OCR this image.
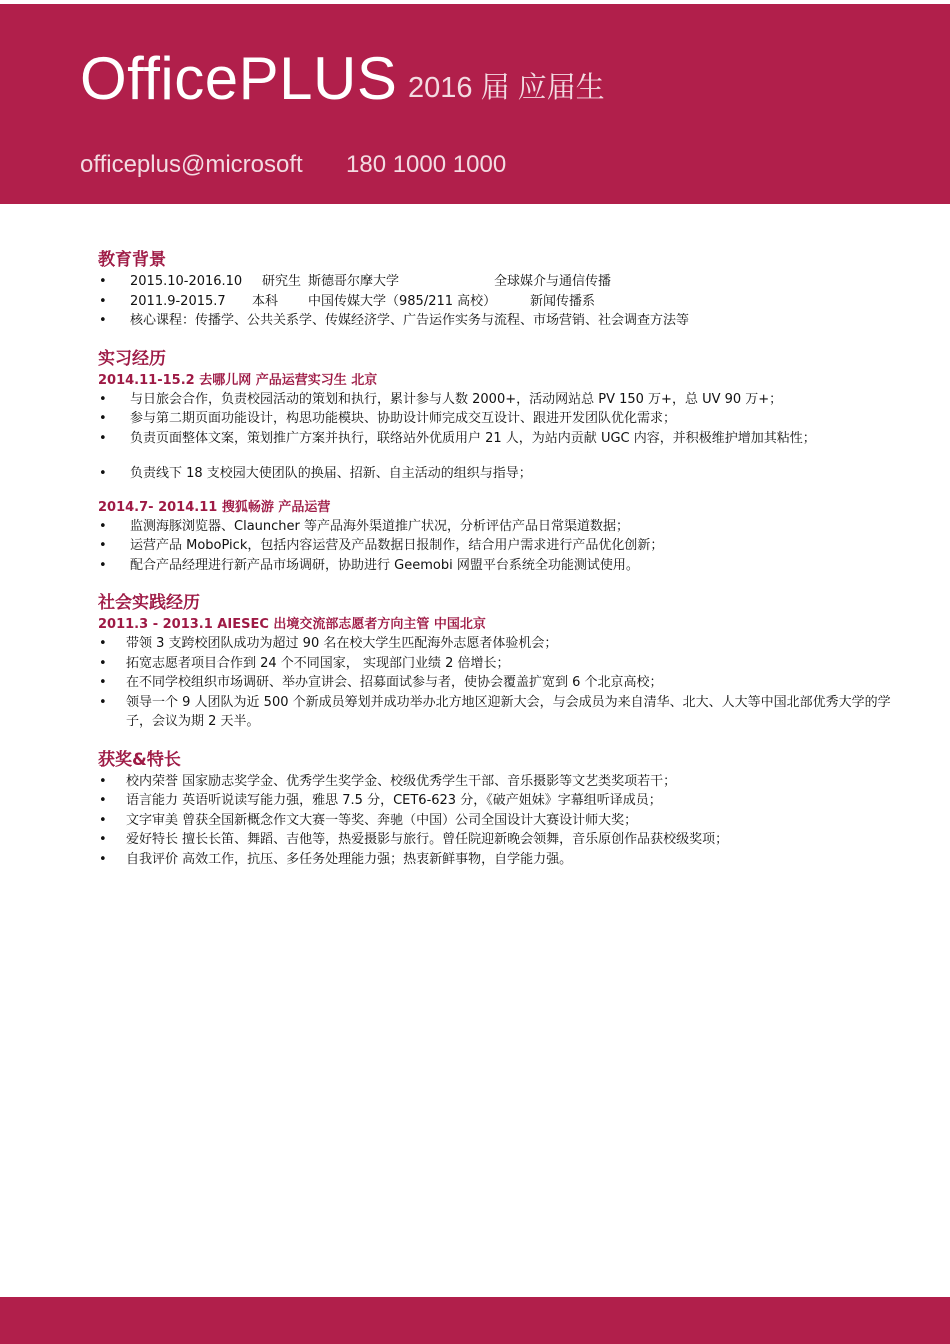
OfficePLUS 2016 届 应届生
officeplus@microsoft 180 1000 1000
教育背景
• 2015.10-2016.10 研究生 斯德哥尔摩大学	全球媒介与通信传播
• 2011.9-2015.7 本科 中国传媒大学（985/211 高校）	新闻传播系
• 核心课程：传播学、公共关系学、传媒经济学、广告运作实务与流程、市场营销、社会调查方法等
实习经历
2014.11-15.2 去哪儿网 产品运营实习生 北京
• 与日旅会合作，负责校园活动的策划和执行，累计参与人数 2000+，活动网站总 PV 150 万+，总 UV 90 万+；
• 参与第二期页面功能设计，构思功能模块、协助设计师完成交互设计、跟进开发团队优化需求；
• 负责页面整体文案，策划推广方案并执行，联络站外优质用户 21 人，为站内贡献 UGC 内容，并积极维护增加其粘性；
• 负责线下 18 支校园大使团队的换届、招新、自主活动的组织与指导；
2014.7- 2014.11 搜狐畅游 产品运营
• 监测海豚浏览器、Clauncher 等产品海外渠道推广状况，分析评估产品日常渠道数据；
• 运营产品 MoboPick，包括内容运营及产品数据日报制作，结合用户需求进行产品优化创新；
• 配合产品经理进行新产品市场调研，协助进行 Geemobi 网盟平台系统全功能测试使用。
社会实践经历
2011.3 - 2013.1 AIESEC 出境交流部志愿者方向主管 中国北京
• 带领 3 支跨校团队成功为超过 90 名在校大学生匹配海外志愿者体验机会；
• 拓宽志愿者项目合作到 24 个不同国家， 实现部门业绩 2 倍增长；
• 在不同学校组织市场调研、举办宣讲会、招募面试参与者，使协会覆盖扩宽到 6 个北京高校；
• 领导一个 9 人团队为近 500 个新成员筹划并成功举办北方地区迎新大会，与会成员为来自清华、北大、人大等中国北部优秀大学的学子，会议为期 2 天半。
获奖&特长
• 校内荣誉 国家励志奖学金、优秀学生奖学金、校级优秀学生干部、音乐摄影等文艺类奖项若干；
• 语言能力 英语听说读写能力强，雅思 7.5 分，CET6-623 分，《破产姐妹》字幕组听译成员；
• 文字审美 曾获全国新概念作文大赛一等奖、奔驰（中国）公司全国设计大赛设计师大奖；
• 爱好特长 擅长长笛、舞蹈、吉他等，热爱摄影与旅行。曾任院迎新晚会领舞，音乐原创作品获校级奖项；
• 自我评价 高效工作，抗压、多任务处理能力强；热衷新鲜事物，自学能力强。
